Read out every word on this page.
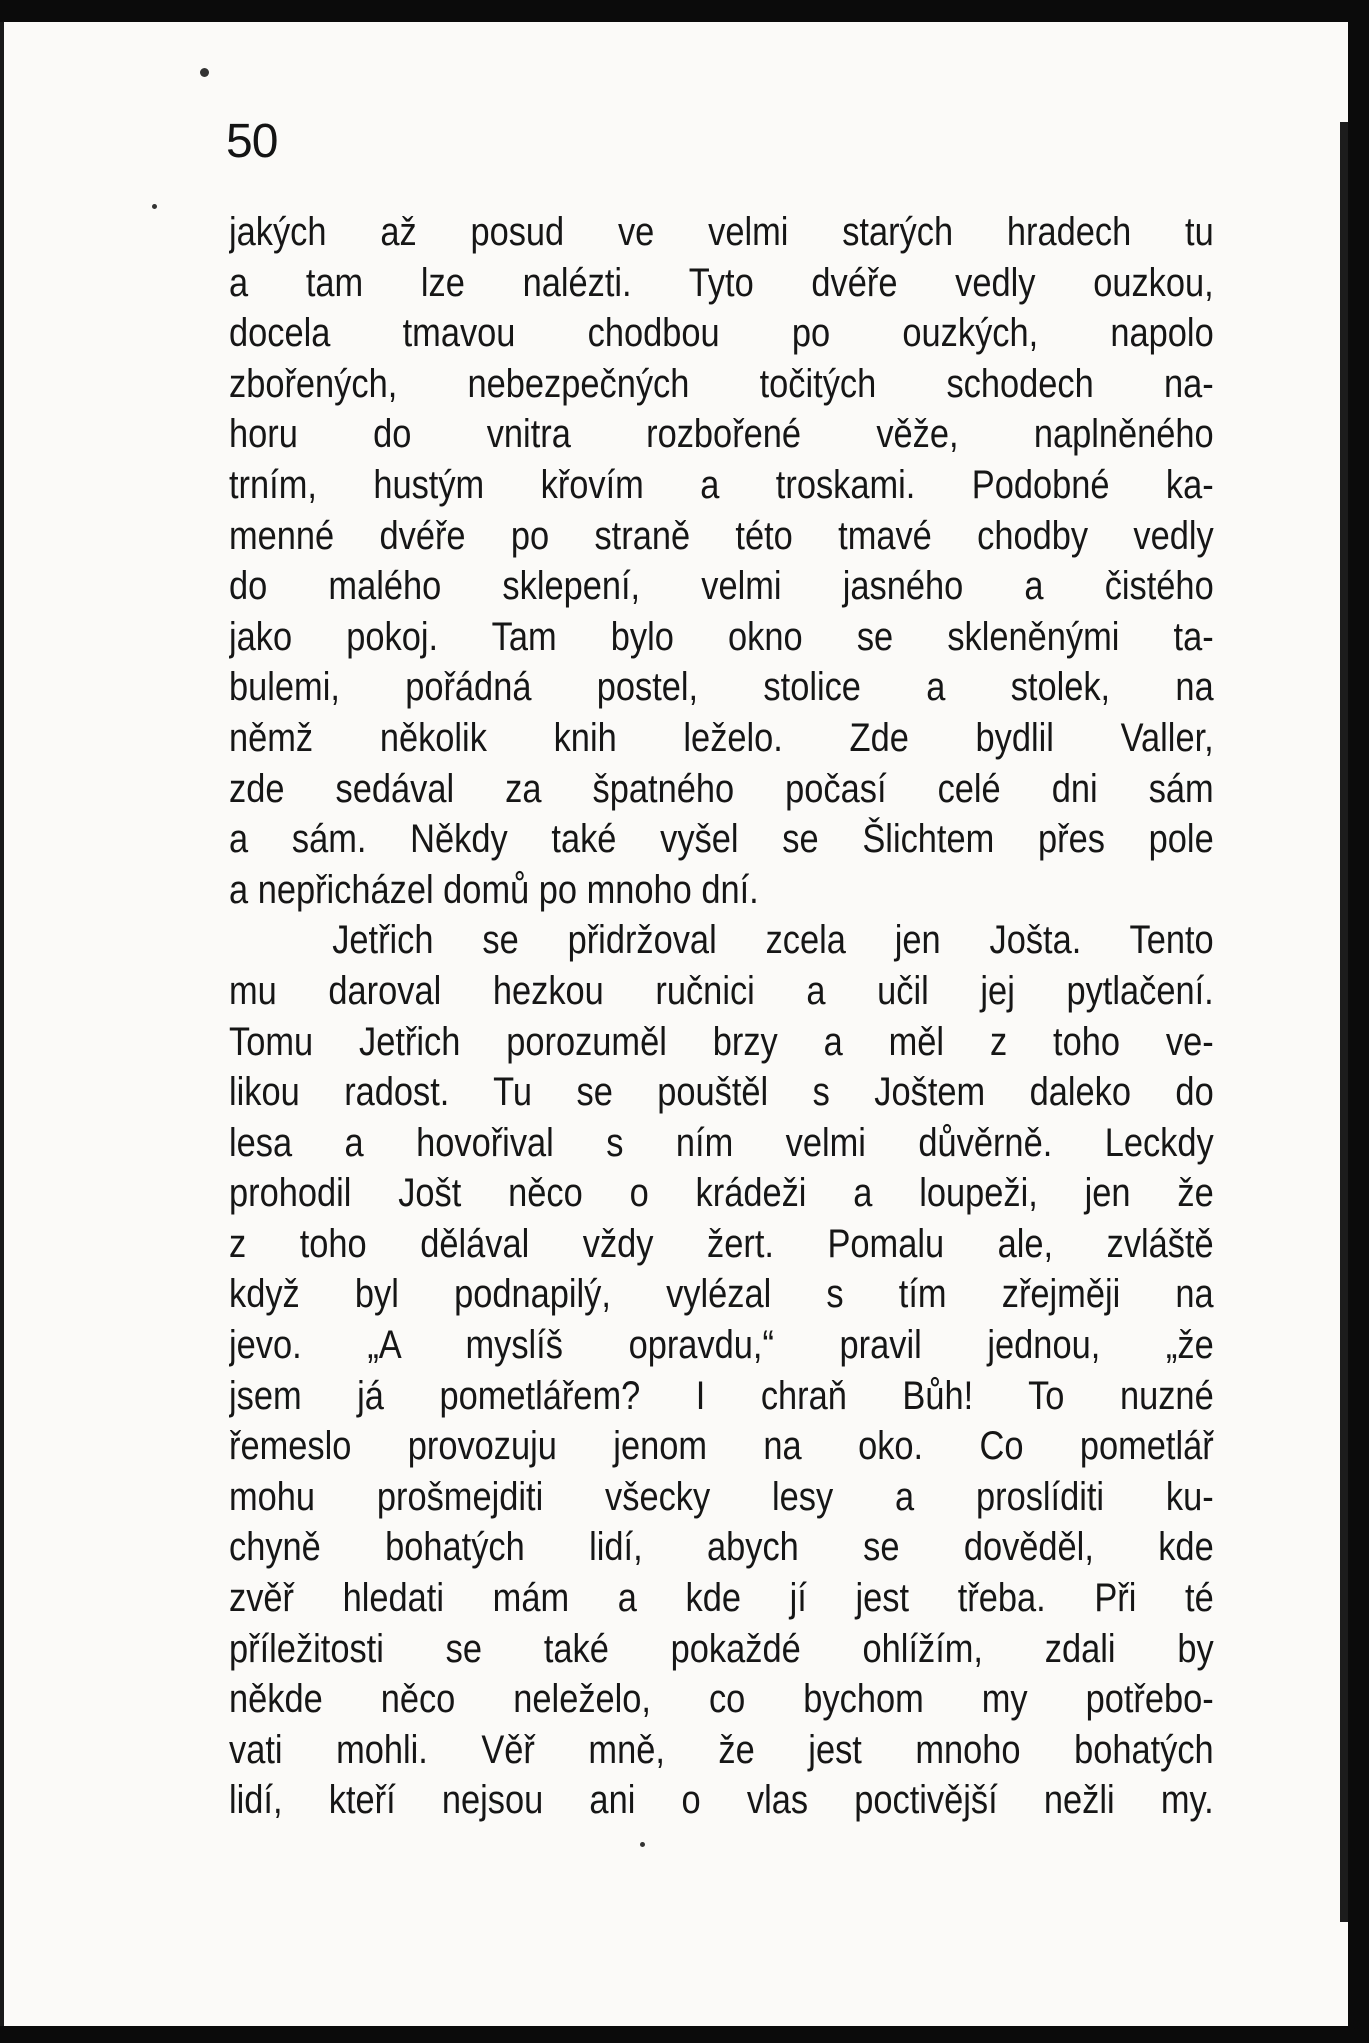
50
jakých až posud ve velmi starých hradech tu
a tam lze nalézti. Tyto dvéře vedly ouzkou,
docela tmavou chodbou po ouzkých, napolo
zbořených, nebezpečných točitých schodech na-
horu do vnitra rozbořené věže, naplněného
trním, hustým křovím a troskami. Podobné ka-
menné dvéře po straně této tmavé chodby vedly
do malého sklepení, velmi jasného a čistého
jako pokoj. Tam bylo okno se skleněnými ta-
bulemi, pořádná postel, stolice a stolek, na
němž několik knih leželo. Zde bydlil Valler,
zde sedával za špatného počasí celé dni sám
a sám. Někdy také vyšel se Šlichtem přes pole
a nepřicházel domů po mnoho dní.
Jetřich se přidržoval zcela jen Jošta. Tento
mu daroval hezkou ručnici a učil jej pytlačení.
Tomu Jetřich porozuměl brzy a měl z toho ve-
likou radost. Tu se pouštěl s Joštem daleko do
lesa a hovořival s ním velmi důvěrně. Leckdy
prohodil Jošt něco o krádeži a loupeži, jen že
z toho dělával vždy žert. Pomalu ale, zvláště
když byl podnapilý, vylézal s tím zřejměji na
jevo. „A myslíš opravdu,“ pravil jednou, „že
jsem já pometlářem? I chraň Bůh! To nuzné
řemeslo provozuju jenom na oko. Co pometlář
mohu prošmejditi všecky lesy a proslíditi ku-
chyně bohatých lidí, abych se dověděl, kde
zvěř hledati mám a kde jí jest třeba. Při té
příležitosti se také pokaždé ohlížím, zdali by
někde něco neleželo, co bychom my potřebo-
vati mohli. Věř mně, že jest mnoho bohatých
lidí, kteří nejsou ani o vlas poctivější nežli my.
